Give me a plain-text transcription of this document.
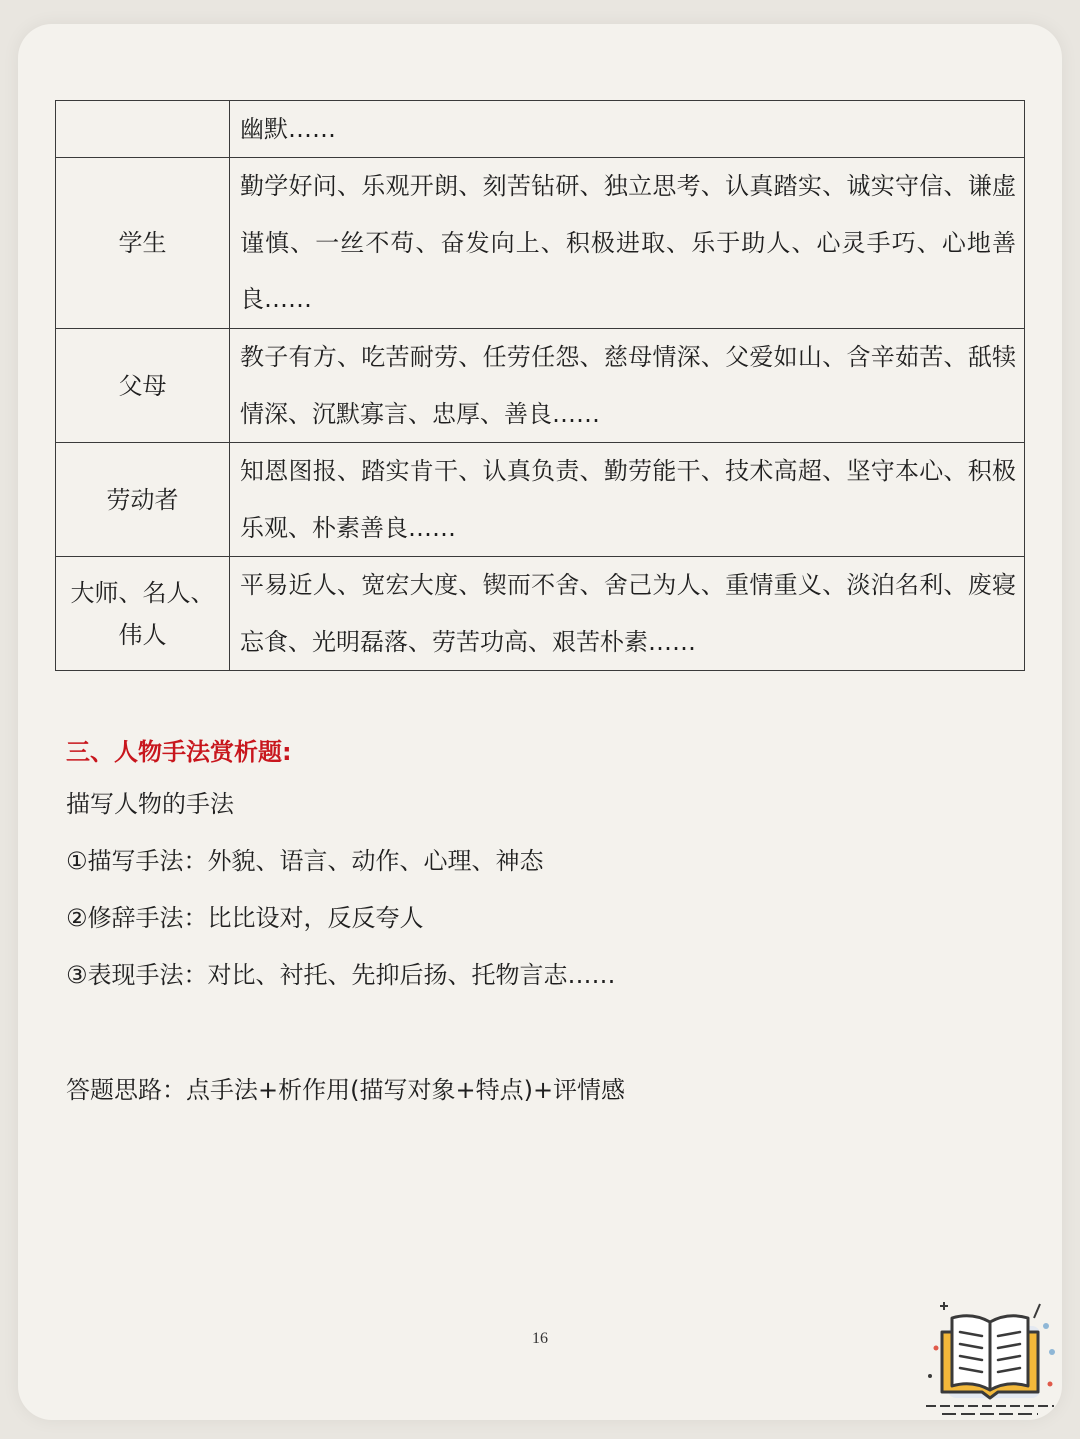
	幽默……
学生	勤学好问、乐观开朗、刻苦钻研、独立思考、认真踏实、诚实守信、谦虚谨慎、一丝不苟、奋发向上、积极进取、乐于助人、心灵手巧、心地善良……
父母	教子有方、吃苦耐劳、任劳任怨、慈母情深、父爱如山、含辛茹苦、舐犊情深、沉默寡言、忠厚、善良……
劳动者	知恩图报、踏实肯干、认真负责、勤劳能干、技术高超、坚守本心、积极乐观、朴素善良……

大师、名人、
伟人	平易近人、宽宏大度、锲而不舍、舍己为人、重情重义、淡泊名利、废寝忘食、光明磊落、劳苦功高、艰苦朴素……

三、人物手法赏析题:

描写人物的手法

①描写手法：外貌、语言、动作、心理、神态

②修辞手法：比比设对，反反夸人

③表现手法：对比、衬托、先抑后扬、托物言志……

答题思路：点手法+析作用(描写对象+特点)+评情感

16
